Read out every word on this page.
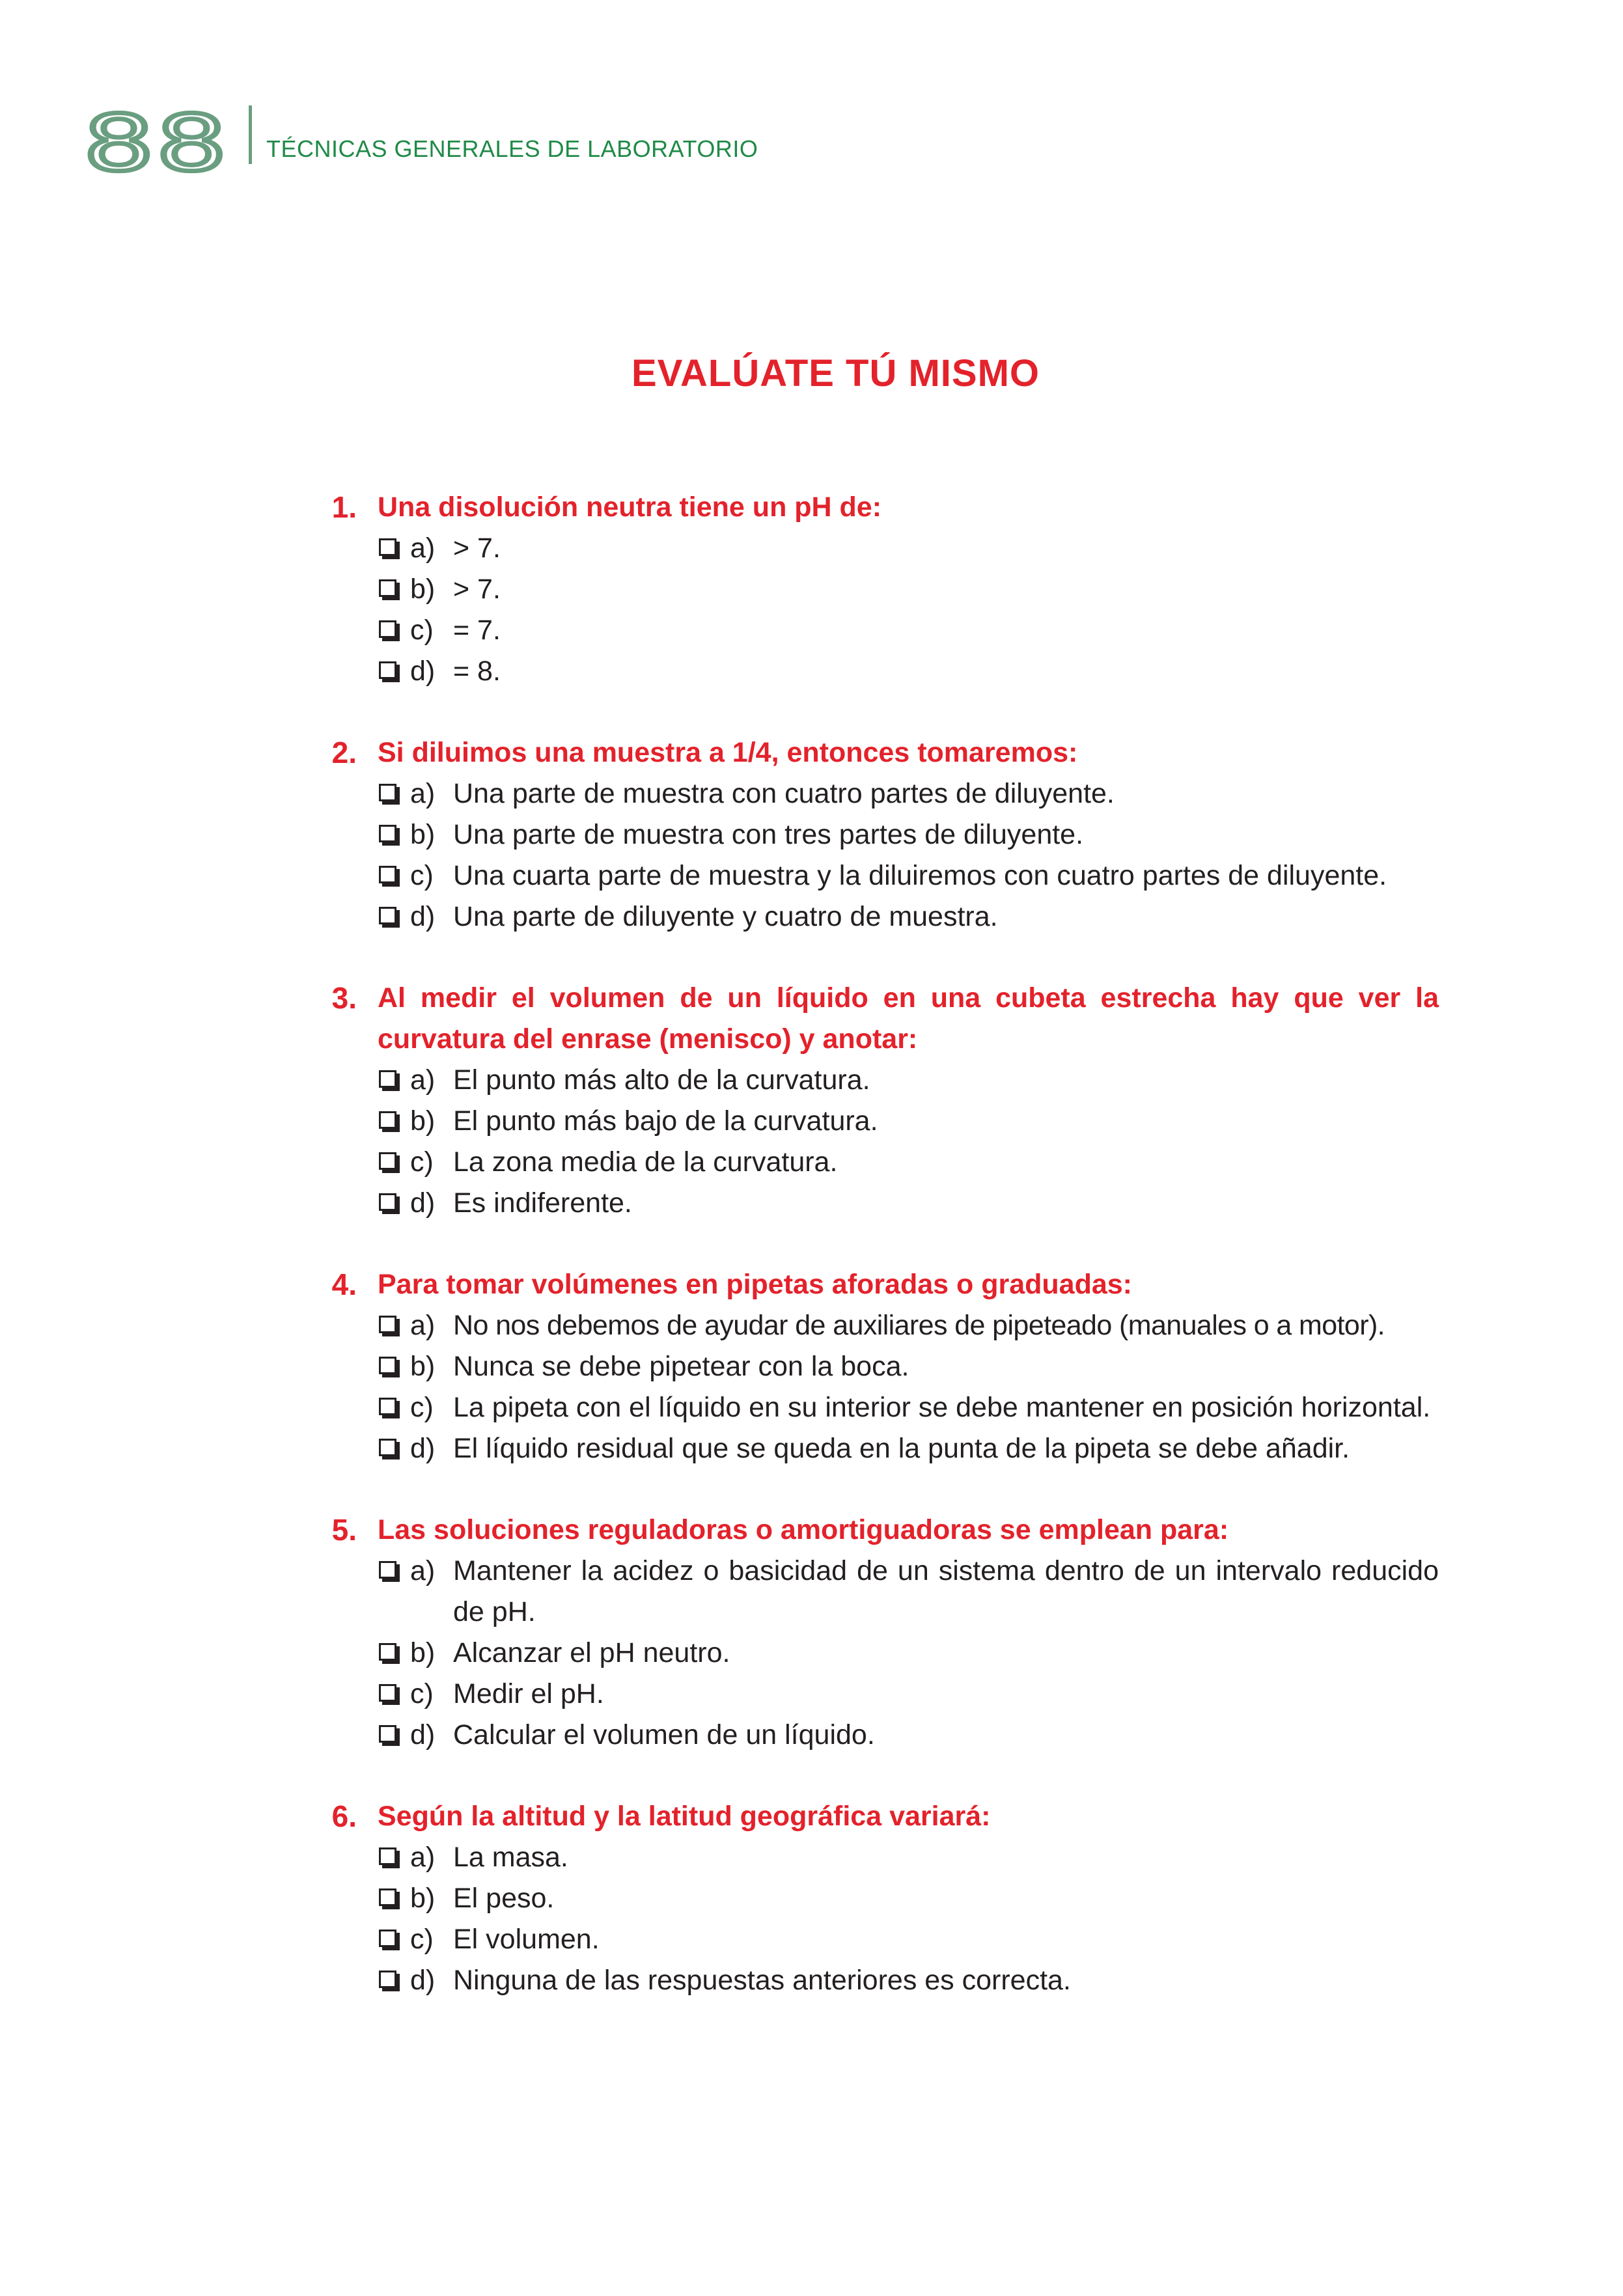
88	TÉCNICAS GENERALES DE LABORATORIO
EVALÚATE TÚ MISMO
1. Una disolución neutra tiene un pH de:
a) > 7.
b) > 7.
c) = 7.
d) = 8.
2. Si diluimos una muestra a 1/4, entonces tomaremos:
a) Una parte de muestra con cuatro partes de diluyente.
b) Una parte de muestra con tres partes de diluyente.
c) Una cuarta parte de muestra y la diluiremos con cuatro partes de diluyente.
d) Una parte de diluyente y cuatro de muestra.
3. Al medir el volumen de un líquido en una cubeta estrecha hay que ver la curvatura del enrase (menisco) y anotar:
a) El punto más alto de la curvatura.
b) El punto más bajo de la curvatura.
c) La zona media de la curvatura.
d) Es indiferente.
4. Para tomar volúmenes en pipetas aforadas o graduadas:
a) No nos debemos de ayudar de auxiliares de pipeteado (manuales o a motor).
b) Nunca se debe pipetear con la boca.
c) La pipeta con el líquido en su interior se debe mantener en posición horizontal.
d) El líquido residual que se queda en la punta de la pipeta se debe añadir.
5. Las soluciones reguladoras o amortiguadoras se emplean para:
a) Mantener la acidez o basicidad de un sistema dentro de un intervalo reducido de pH.
b) Alcanzar el pH neutro.
c) Medir el pH.
d) Calcular el volumen de un líquido.
6. Según la altitud y la latitud geográfica variará:
a) La masa.
b) El peso.
c) El volumen.
d) Ninguna de las respuestas anteriores es correcta.
